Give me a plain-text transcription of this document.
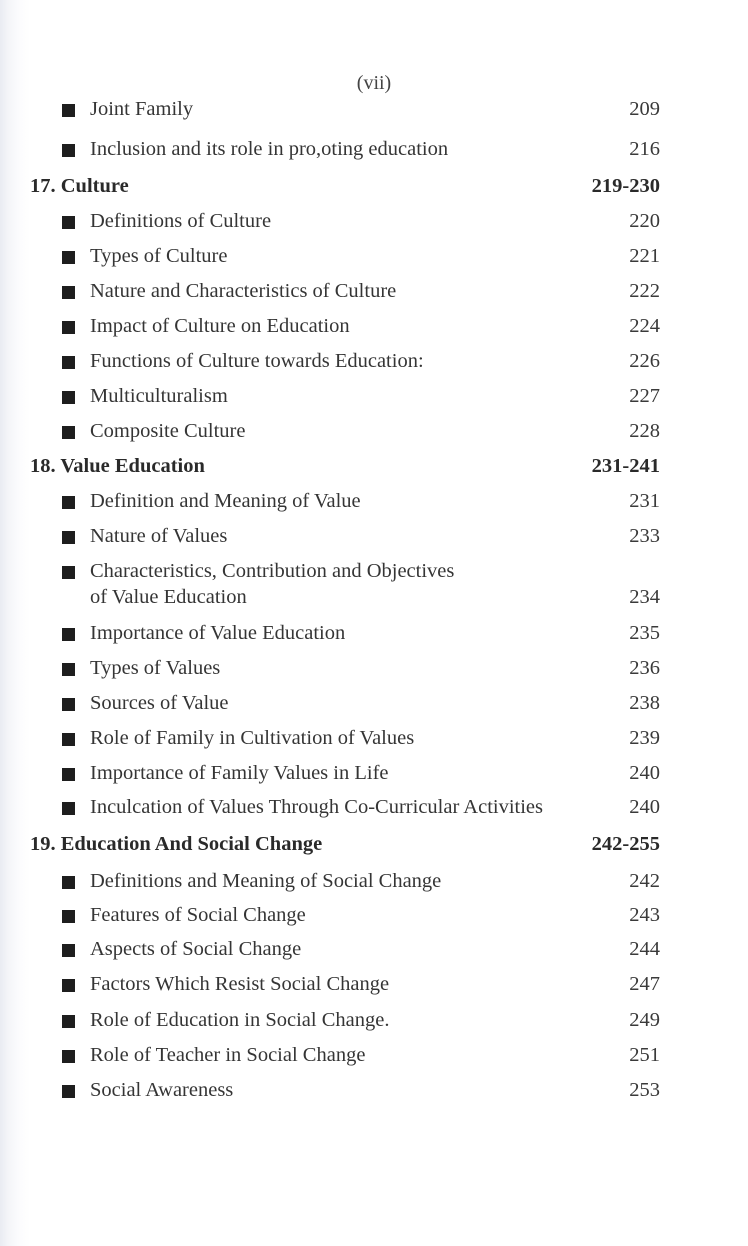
(vii)
Joint Family	209
Inclusion and its role in pro,oting education	216
17. Culture	219-230
Definitions of Culture	220
Types of Culture	221
Nature and Characteristics of Culture	222
Impact of Culture on Education	224
Functions of Culture towards Education:	226
Multiculturalism	227
Composite Culture	228
18. Value Education	231-241
Definition and Meaning of Value	231
Nature of Values	233
Characteristics, Contribution and Objectives
of Value Education	234
Importance of Value Education	235
Types of Values	236
Sources of Value	238
Role of Family in Cultivation of Values	239
Importance of Family Values in Life	240
Inculcation of Values Through Co-Curricular Activities	240
19. Education And Social Change	242-255
Definitions and Meaning of Social Change	242
Features of Social Change	243
Aspects of Social Change	244
Factors Which Resist Social Change	247
Role of Education in Social Change.	249
Role of Teacher in Social Change	251
Social Awareness	253
